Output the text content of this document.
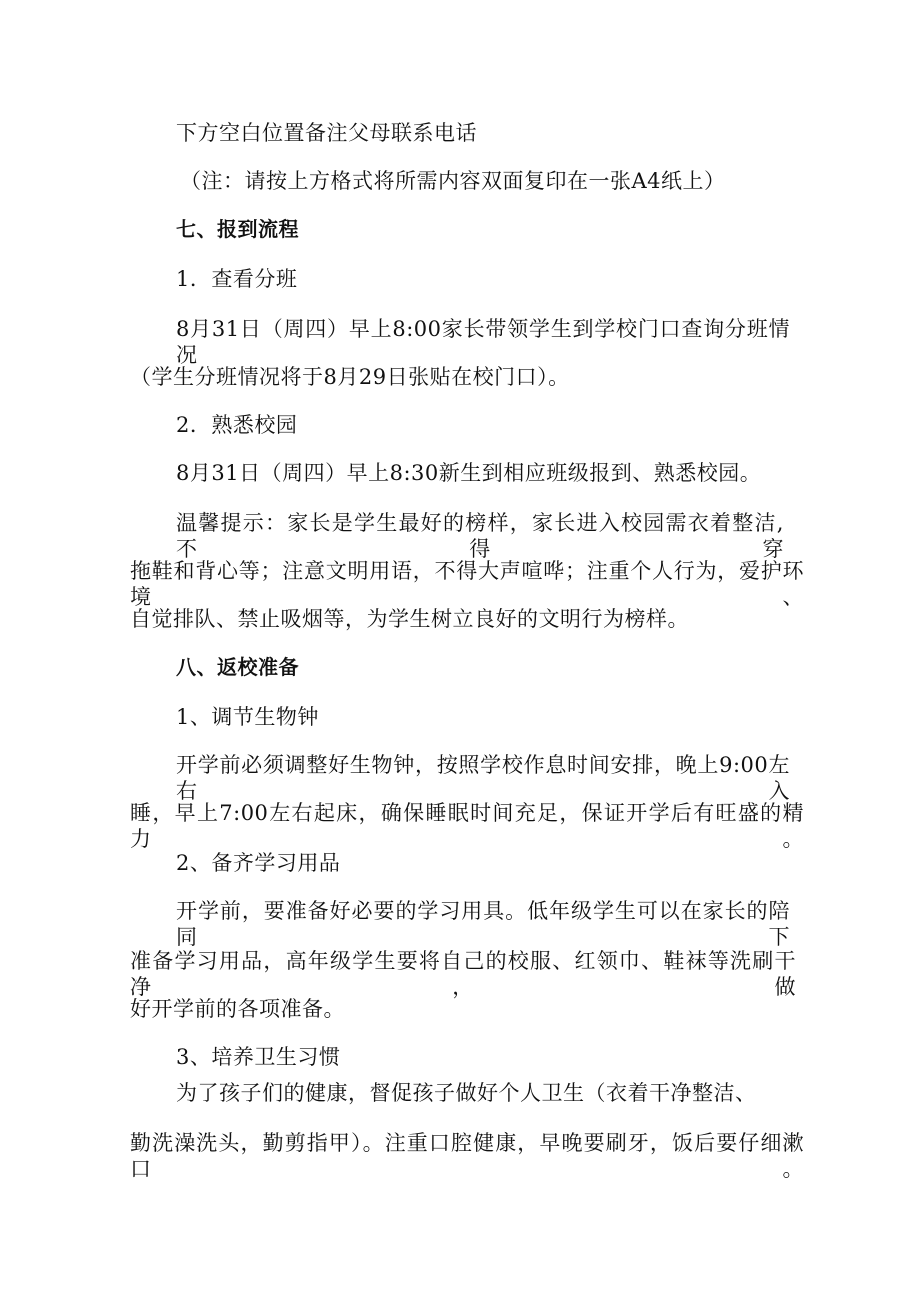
下方空白位置备注父母联系电话
（注：请按上方格式将所需内容双面复印在一张A4纸上）
七、报到流程
1．查看分班
8月31日（周四）早上8:00家长带领学生到学校门口查询分班情况
（学生分班情况将于8月29日张贴在校门口）。
2．熟悉校园
8月31日（周四）早上8:30新生到相应班级报到、熟悉校园。
温馨提示：家长是学生最好的榜样，家长进入校园需衣着整洁,不得穿
拖鞋和背心等；注意文明用语，不得大声喧哗；注重个人行为，爱护环境、
自觉排队、禁止吸烟等，为学生树立良好的文明行为榜样。
八、返校准备
1、调节生物钟
开学前必须调整好生物钟，按照学校作息时间安排，晚上9:00左右入
睡，早上7:00左右起床，确保睡眠时间充足，保证开学后有旺盛的精力。
2、备齐学习用品
开学前，要准备好必要的学习用具。低年级学生可以在家长的陪同下
准备学习用品，高年级学生要将自己的校服、红领巾、鞋袜等洗刷干净，做
好开学前的各项准备。
3、培养卫生习惯
为了孩子们的健康，督促孩子做好个人卫生（衣着干净整洁、
勤洗澡洗头，勤剪指甲）。注重口腔健康，早晚要刷牙，饭后要仔细漱口。
